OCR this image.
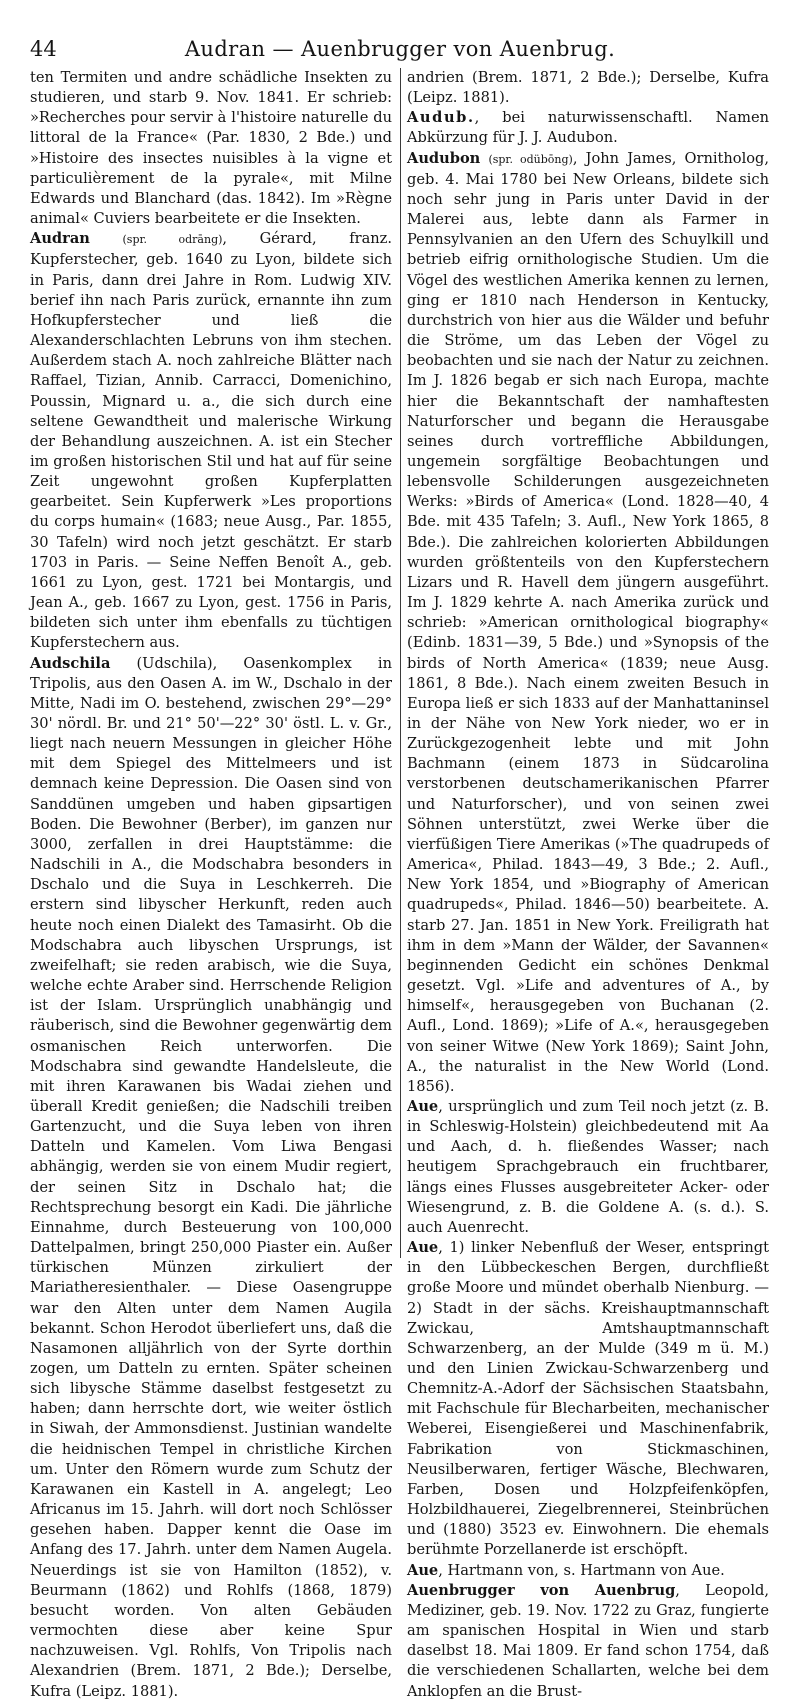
44	Audran — Auenbrugger von Auenbrug.

ten Termiten und andre schädliche Insekten zu studieren, und starb 9. Nov. 1841. Er schrieb: »Recherches pour servir à l'histoire naturelle du littoral de la France« (Par. 1830, 2 Bde.) und »Histoire des insectes nuisibles à la vigne et particulièrement de la pyrale«, mit Milne Edwards und Blanchard (das. 1842). Im »Règne animal« Cuviers bearbeitete er die Insekten.

Audran	(spr. odrāng), Gérard, franz. Kupferstecher, geb. 1640 zu Lyon, bildete sich in Paris, dann drei Jahre in Rom. Ludwig XIV. berief ihn nach Paris zurück, ernannte ihn zum Hofkupferstecher und ließ die Alexanderschlachten Lebruns von ihm stechen. Außerdem stach A. noch zahlreiche Blätter nach Raffael, Tizian, Annib. Carracci, Domenichino, Poussin, Mignard u. a., die sich durch eine seltene Gewandtheit und malerische Wirkung der Behandlung auszeichnen. A. ist ein Stecher im großen historischen Stil und hat auf für seine Zeit ungewohnt großen Kupferplatten gearbeitet. Sein Kupferwerk »Les proportions du corps humain« (1683; neue Ausg., Par. 1855, 30 Tafeln) wird noch jetzt geschätzt. Er starb 1703 in Paris. — Seine Neffen Benoît A., geb. 1661 zu Lyon, gest. 1721 bei Montargis, und Jean A., geb. 1667 zu Lyon, gest. 1756 in Paris, bildeten sich unter ihm ebenfalls zu tüchtigen Kupferstechern aus.

Audschila (Udschila), Oasenkomplex in Tripolis, aus den Oasen A. im W., Dschalo in der Mitte, Nadi im O. bestehend, zwischen 29°—29° 30' nördl. Br. und 21° 50'—22° 30' östl. L. v. Gr., liegt nach neuern Messungen in gleicher Höhe mit dem Spiegel des Mittelmeers und ist demnach keine Depression. Die Oasen sind von Sanddünen umgeben und haben gipsartigen Boden. Die Bewohner (Berber), im ganzen nur 3000, zerfallen in drei Hauptstämme: die Nadschili in A., die Modschabra besonders in Dschalo und die Suya in Leschkerreh. Die erstern sind libyscher Herkunft, reden auch heute noch einen Dialekt des Tamasirht. Ob die Modschabra auch libyschen Ursprungs, ist zweifelhaft; sie reden arabisch, wie die Suya, welche echte Araber sind. Herrschende Religion ist der Islam. Ursprünglich unabhängig und räuberisch, sind die Bewohner gegenwärtig dem osmanischen Reich unterworfen. Die Modschabra sind gewandte Handelsleute, die mit ihren Karawanen bis Wadai ziehen und überall Kredit genießen; die Nadschili treiben Gartenzucht, und die Suya leben von ihren Datteln und Kamelen. Vom Liwa Bengasi abhängig, werden sie von einem Mudir regiert, der seinen Sitz in Dschalo hat; die Rechtsprechung besorgt ein Kadi. Die jährliche Einnahme, durch Besteuerung von 100,000 Dattelpalmen, bringt 250,000 Piaster ein. Außer türkischen Münzen zirkuliert der Mariatheresienthaler. — Diese Oasengruppe war den Alten unter dem Namen Augila bekannt. Schon Herodot überliefert uns, daß die Nasamonen alljährlich von der Syrte dorthin zogen, um Datteln zu ernten. Später scheinen sich libysche Stämme daselbst festgesetzt zu haben; dann herrschte dort, wie weiter östlich in Siwah, der Ammonsdienst. Justinian wandelte die heidnischen Tempel in christliche Kirchen um. Unter den Römern wurde zum Schutz der Karawanen ein Kastell in A. angelegt; Leo Africanus im 15. Jahrh. will dort noch Schlösser gesehen haben. Dapper kennt die Oase im Anfang des 17. Jahrh. unter dem Namen Augela. Neuerdings ist sie von Hamilton (1852), v. Beurmann (1862) und Rohlfs (1868, 1879) besucht worden. Von alten Gebäuden vermochten diese aber keine Spur nachzuweisen. Vgl. Rohlfs, Von Tripolis nach Alexandrien (Brem. 1871, 2 Bde.); Derselbe, Kufra (Leipz. 1881).

andrien (Brem. 1871, 2 Bde.); Derselbe, Kufra (Leipz. 1881).

Audub., bei naturwissenschaftl. Namen Abkürzung für J. J. Audubon.

Audubon (spr. odübōng), John James, Ornitholog, geb. 4. Mai 1780 bei New Orleans, bildete sich noch sehr jung in Paris unter David in der Malerei aus, lebte dann als Farmer in Pennsylvanien an den Ufern des Schuylkill und betrieb eifrig ornithologische Studien. Um die Vögel des westlichen Amerika kennen zu lernen, ging er 1810 nach Henderson in Kentucky, durchstrich von hier aus die Wälder und befuhr die Ströme, um das Leben der Vögel zu beobachten und sie nach der Natur zu zeichnen. Im J. 1826 begab er sich nach Europa, machte hier die Bekanntschaft der namhaftesten Naturforscher und begann die Herausgabe seines durch vortreffliche Abbildungen, ungemein sorgfältige Beobachtungen und lebensvolle Schilderungen ausgezeichneten Werks: »Birds of America« (Lond. 1828—40, 4 Bde. mit 435 Tafeln; 3. Aufl., New York 1865, 8 Bde.). Die zahlreichen kolorierten Abbildungen wurden größtenteils von den Kupferstechern Lizars und R. Havell dem jüngern ausgeführt. Im J. 1829 kehrte A. nach Amerika zurück und schrieb: »American ornithological biography« (Edinb. 1831—39, 5 Bde.) und »Synopsis of the birds of North America« (1839; neue Ausg. 1861, 8 Bde.). Nach einem zweiten Besuch in Europa ließ er sich 1833 auf der Manhattaninsel in der Nähe von New York nieder, wo er in Zurückgezogenheit lebte und mit John Bachmann (einem 1873 in Südcarolina verstorbenen deutschamerikanischen Pfarrer und Naturforscher), und von seinen zwei Söhnen unterstützt, zwei Werke über die vierfüßigen Tiere Amerikas (»The quadrupeds of America«, Philad. 1843—49, 3 Bde.; 2. Aufl., New York 1854, und »Biography of American quadrupeds«, Philad. 1846—50) bearbeitete. A. starb 27. Jan. 1851 in New York. Freiligrath hat ihm in dem »Mann der Wälder, der Savannen« beginnenden Gedicht ein schönes Denkmal gesetzt. Vgl. »Life and adventures of A., by himself«, herausgegeben von Buchanan (2. Aufl., Lond. 1869); »Life of A.«, herausgegeben von seiner Witwe (New York 1869); Saint John, A., the naturalist in the New World (Lond. 1856).

Aue, ursprünglich und zum Teil noch jetzt (z. B. in Schleswig-Holstein) gleichbedeutend mit Aa und Aach, d. h. fließendes Wasser; nach heutigem Sprachgebrauch ein fruchtbarer, längs eines Flusses ausgebreiteter Acker- oder Wiesengrund, z. B. die Goldene A. (s. d.). S. auch Auenrecht.

Aue, 1) linker Nebenfluß der Weser, entspringt in den Lübbeckeschen Bergen, durchfließt große Moore und mündet oberhalb Nienburg. — 2) Stadt in der sächs. Kreishauptmannschaft Zwickau, Amtshauptmannschaft Schwarzenberg, an der Mulde (349 m ü. M.) und den Linien Zwickau-Schwarzenberg und Chemnitz-A.-Adorf der Sächsischen Staatsbahn, mit Fachschule für Blecharbeiten, mechanischer Weberei, Eisengießerei und Maschinenfabrik, Fabrikation von Stickmaschinen, Neusilberwaren, fertiger Wäsche, Blechwaren, Farben, Dosen und Holzpfeifenköpfen, Holzbildhauerei, Ziegelbrennerei, Steinbrüchen und (1880) 3523 ev. Einwohnern. Die ehemals berühmte Porzellanerde ist erschöpft.

Aue, Hartmann von, s. Hartmann von Aue.

Auenbrugger von Auenbrug, Leopold, Mediziner, geb. 19. Nov. 1722 zu Graz, fungierte am spanischen Hospital in Wien und starb daselbst 18. Mai 1809. Er fand schon 1754, daß die verschiedenen Schallarten, welche bei dem Anklopfen an die Brust-
